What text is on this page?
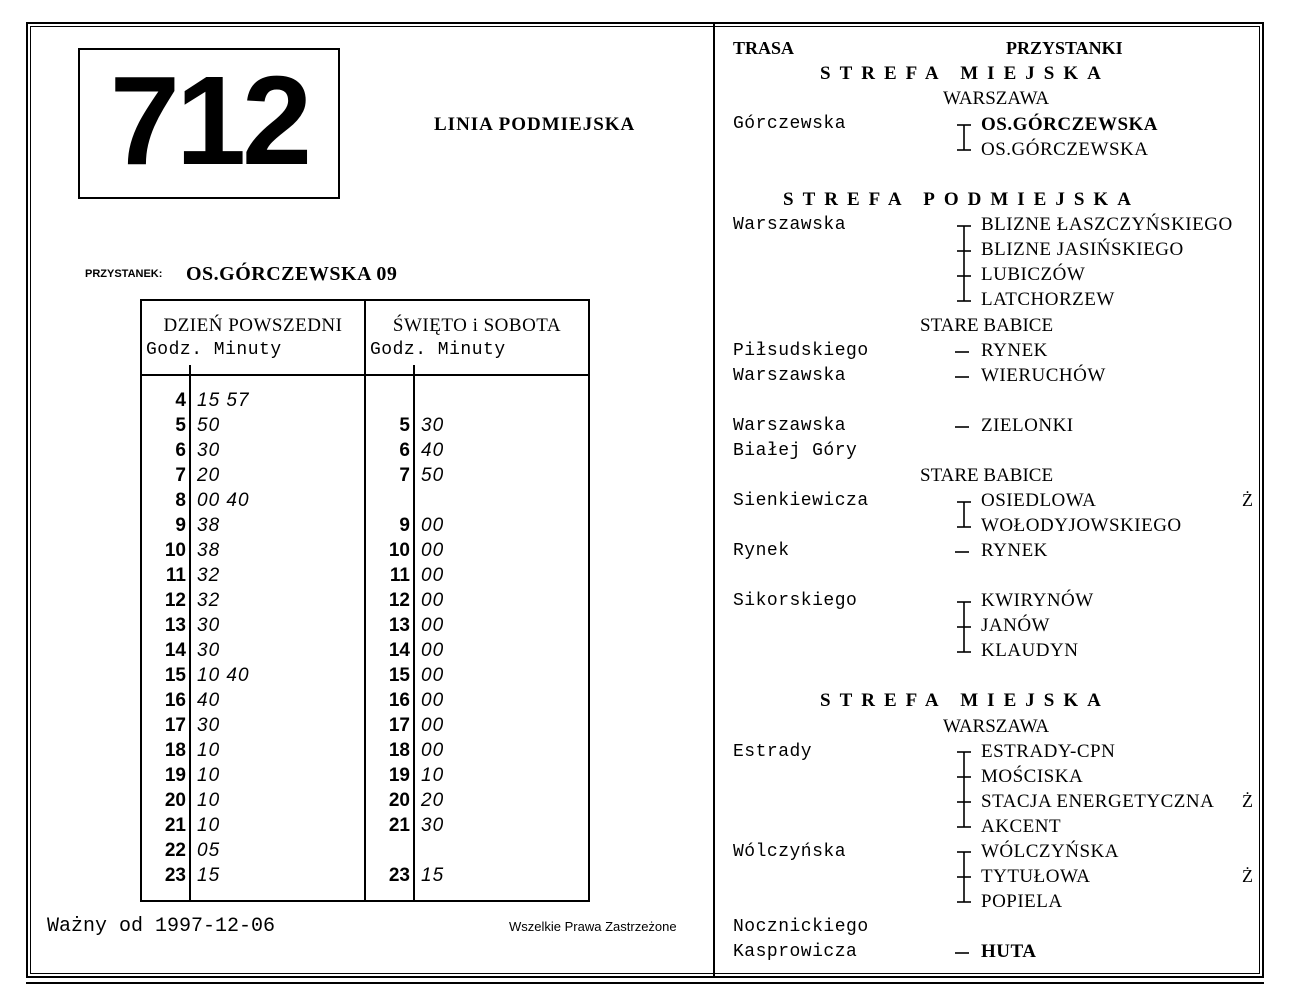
712	LINIA PODMIEJSKA
PRZYSTANEK: OS.GÓRCZEWSKA 09
DZIEŃ POWSZEDNI
Godz. Minuty
4 15 57
5 50
6 30
7 20
8 00 40
9 38
10 38
11 32
12 32
13 30
14 30
15 10 40
16 40
17 30
18 10
19 10
20 10
21 10
22 05
23 15
ŚWIĘTO i SOBOTA
Godz. Minuty
5 30
6 40
7 50
9 00
10 00
11 00
12 00
13 00
14 00
15 00
16 00
17 00
18 00
19 10
20 20
21 30
23 15
Ważny od 1997-12-06	Wszelkie Prawa Zastrzeżone
TRASA	PRZYSTANKI
STREFA MIEJSKA
WARSZAWA
Górczewska	OS.GÓRCZEWSKA
OS.GÓRCZEWSKA
STREFA PODMIEJSKA
Warszawska	BLIZNE ŁASZCZYŃSKIEGO
BLIZNE JASIŃSKIEGO
LUBICZÓW
LATCHORZEW
STARE BABICE
Piłsudskiego	RYNEK
Warszawska	WIERUCHÓW
Warszawska	ZIELONKI
Białej Góry
STARE BABICE
Sienkiewicza	OSIEDLOWA	Ż
WOŁODYJOWSKIEGO
Rynek	RYNEK
Sikorskiego	KWIRYNÓW
JANÓW
KLAUDYN
STREFA MIEJSKA
WARSZAWA
Estrady	ESTRADY-CPN
MOŚCISKA
STACJA ENERGETYCZNA Ż
AKCENT
Wólczyńska	WÓLCZYŃSKA
TYTUŁOWA	Ż
POPIELA
Nocznickiego
Kasprowicza	HUTA
